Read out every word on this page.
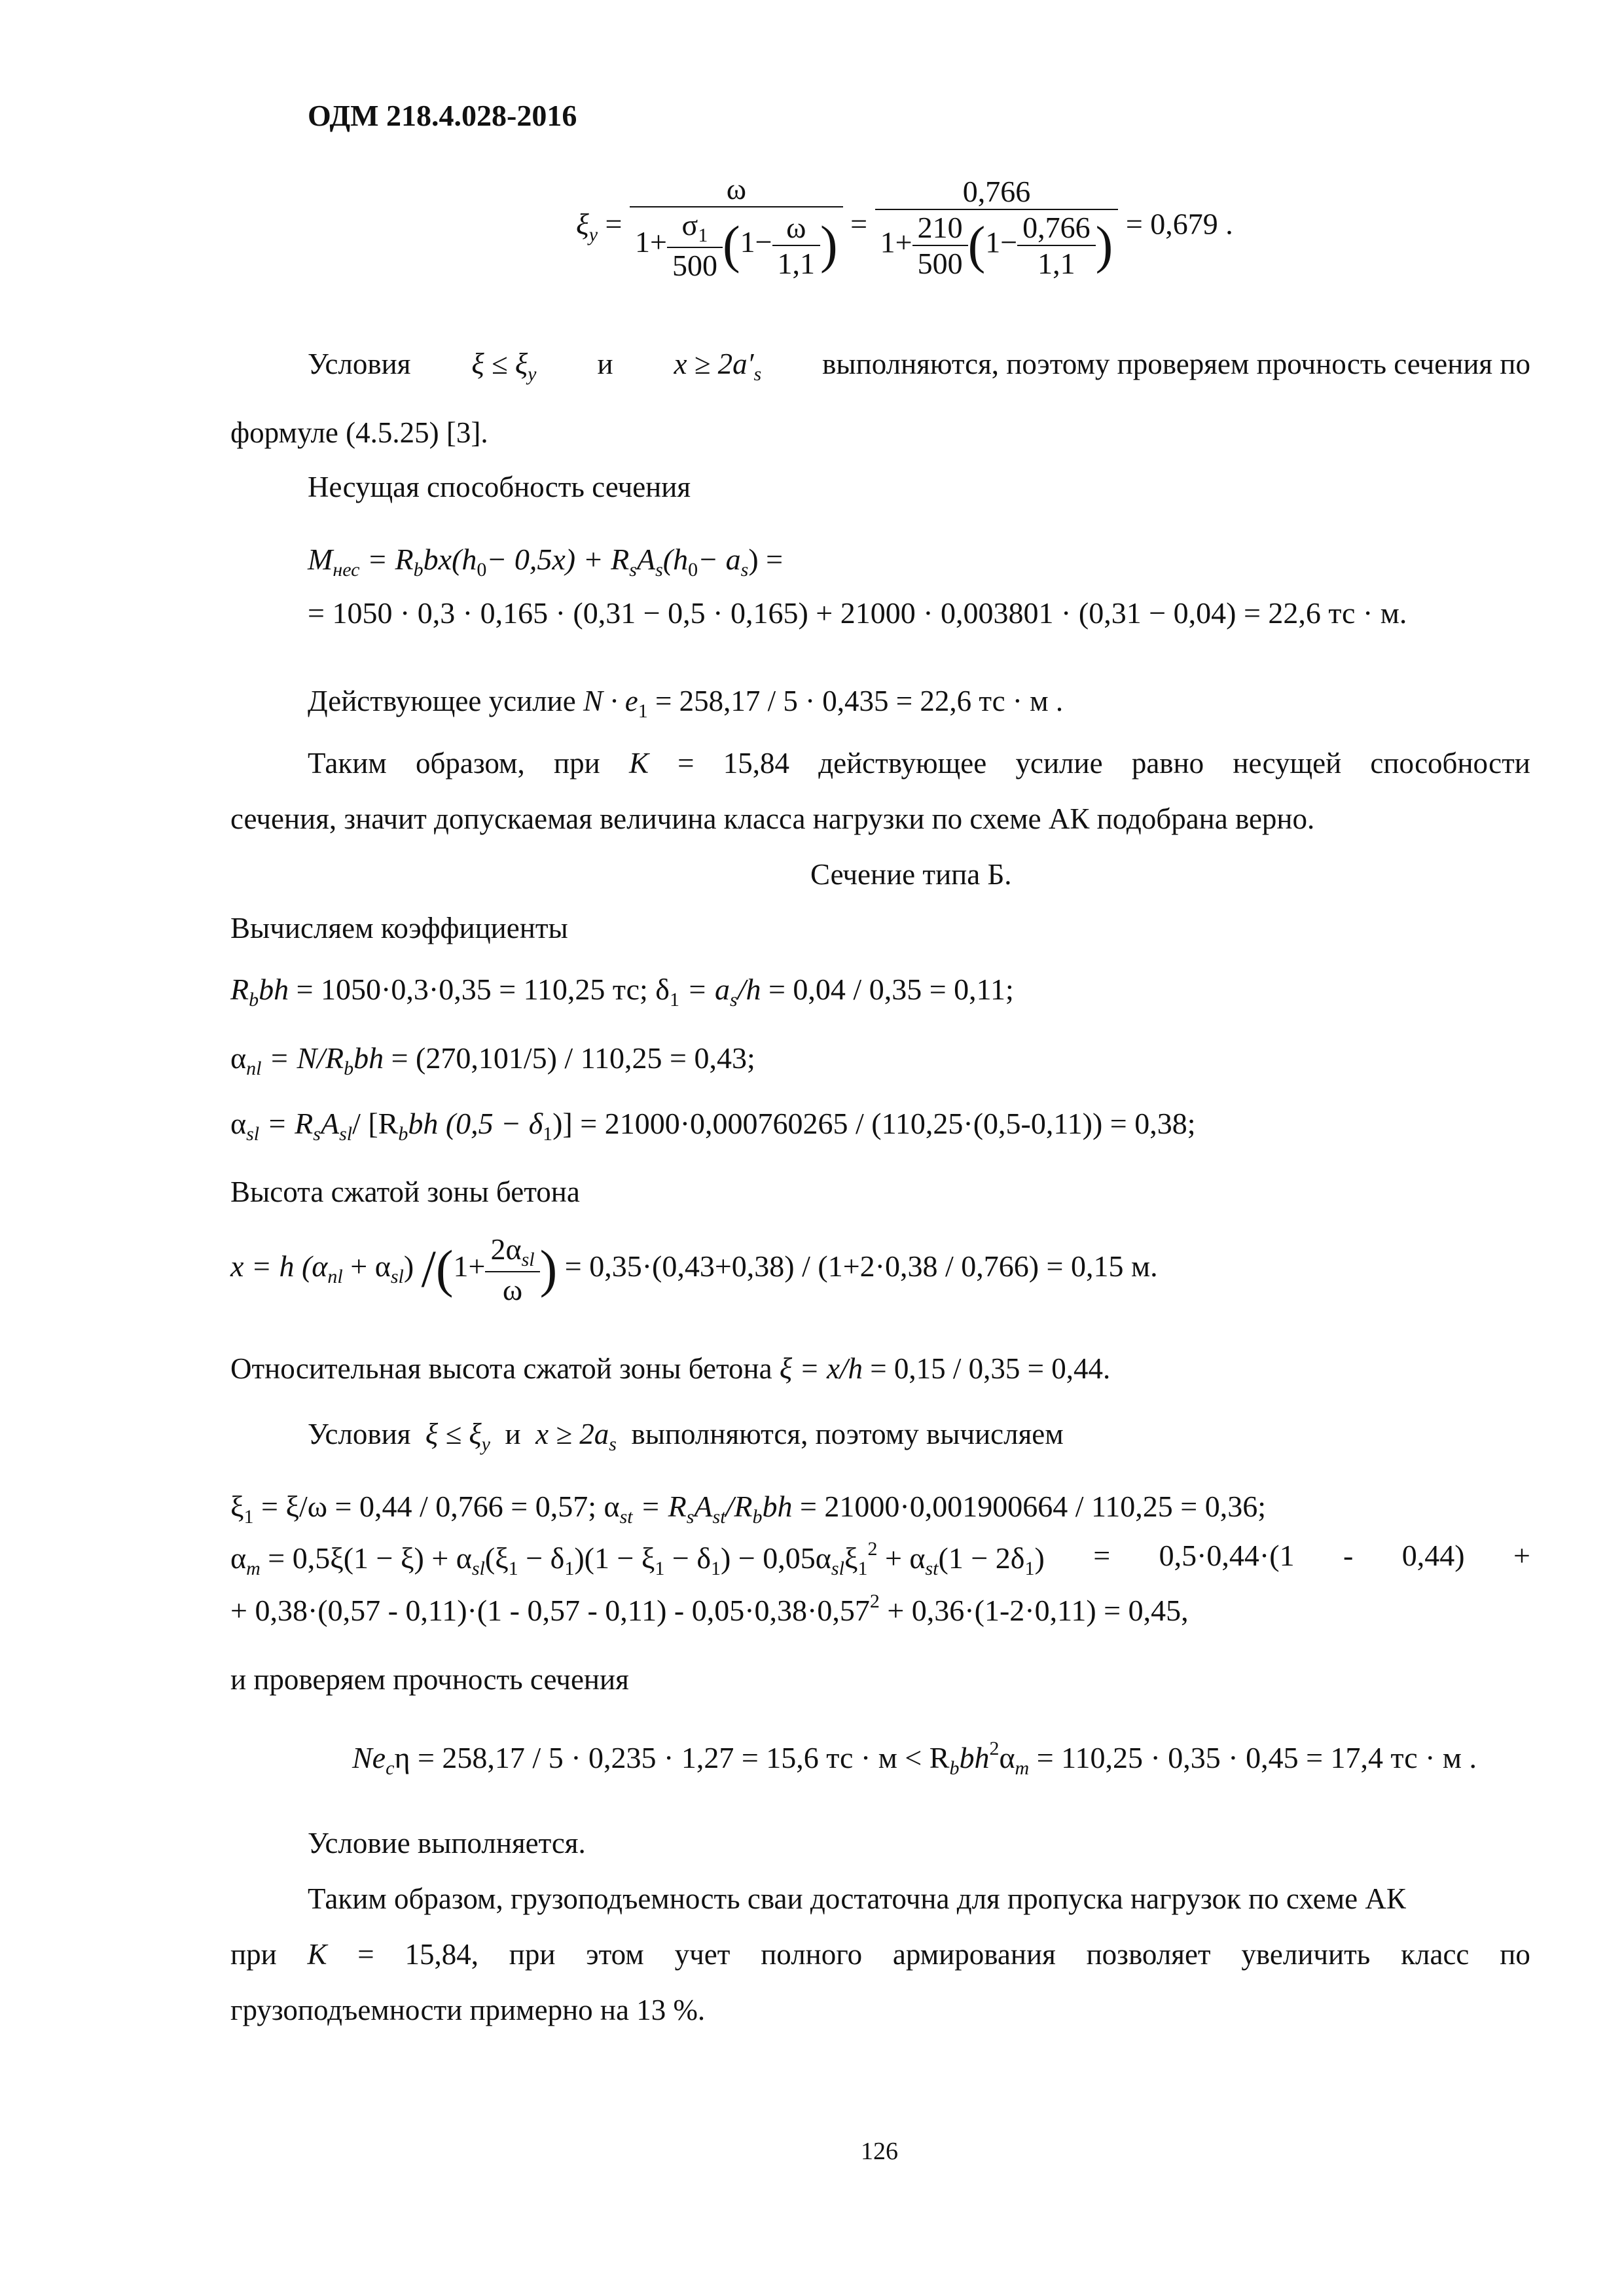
ОДМ 218.4.028-2016
$\xi_y = \frac{\omega}{1+ \frac{\sigma_1}{500} (1- \frac{\omega}{1,1} )} = \frac{0,766}{1+ \frac{210}{500} (1- \frac{0,766}{1,1} )} = 0,679$ .
Условия $\xi \le \xi_y$ и $x \ge 2a'_s$ выполняются, поэтому проверяем прочность сечения по
формуле (4.5.25) [3].
Несущая способность сечения
$M_{нес} = R_bbx(h_0- 0,5x) + R_sA_s(h_0- a_s)$ =
= 1050 · 0,3 · 0,165 · (0,31 − 0,5 · 0,165) + 21000 · 0,003801 · (0,31 − 0,04) = 22,6 тс · м.
Действующее усилие $N \cdot e_1 = 258,17 / 5 \cdot 0,435 = 22,6$ тс · м .
Таким образом, при К = 15,84 действующее усилие равно несущей способности
сечения, значит допускаемая величина класса нагрузки по схеме АК подобрана верно.
Сечение типа Б.
Вычисляем коэффициенты
$R_bbh = 1050\cdot 0,3\cdot 0,35 = 110,25$ тс; $\delta_1 = a_s/h = 0,04 / 0,35 = 0,11$;
$\alpha_{nl} = N/R_bbh = (270,101/5) / 110,25 = 0,43$;
$\alpha_{sl} = R_sA_{sl}/$ [$R_bbh$ $(0,5 - \delta_1)] = 21000\cdot 0,000760265 / (110,25\cdot(0,5-0,11)) = 0,38$;
Высота сжатой зоны бетона
x = h $(\alpha_{nl} + \alpha_{sl})$ $/(1+ \frac{2\alpha_{sl}}{\omega}$ ) = 0,35·(0,43+0,38) / (1+2·0,38 / 0,766) = 0,15 м.
Относительная высота сжатой зоны бетона ξ = x/h = 0,15 / 0,35 = 0,44.
Условия $\xi \le \xi_y$ и $x \ge 2a_s$ выполняются, поэтому вычисляем
$\xi_1 = \xi/\omega = 0,44 / 0,766 = 0,57$; $\alpha_{st} = R_sA_{st}/R_bbh = 21000\cdot 0,001900664 / 110,25 = 0,36$;
$\alpha_m = 0,5\xi(1 - \xi) + \alpha_{sl}(\xi_1 - \delta_1)(1 - \xi_1 - \delta_1) - 0,05\alpha_{sl}\xi_1^2 + \alpha_{st}(1 - 2\delta_1) = 0,5\cdot 0,44\cdot(1 - 0,44)$ +
+ $0,38\cdot(0,57 - 0,11)\cdot(1 - 0,57 - 0,11) - 0,05\cdot 0,38\cdot 0,57^2 + 0,36\cdot(1-2\cdot 0,11) = 0,45$,
и проверяем прочность сечения
$Ne_c\eta = 258,17 / 5 \cdot 0,235 \cdot 1,27 = 15,6$ тс · $м < R_bbh^2\alpha_m = 110,25 \cdot 0,35 \cdot 0,45 = 17,4$ тс · м .
Условие выполняется.
Таким образом, грузоподъемность сваи достаточна для пропуска нагрузок по схеме АК
при К = 15,84, при этом учет полного армирования позволяет увеличить класс по
грузоподъемности примерно на 13 %.
126
